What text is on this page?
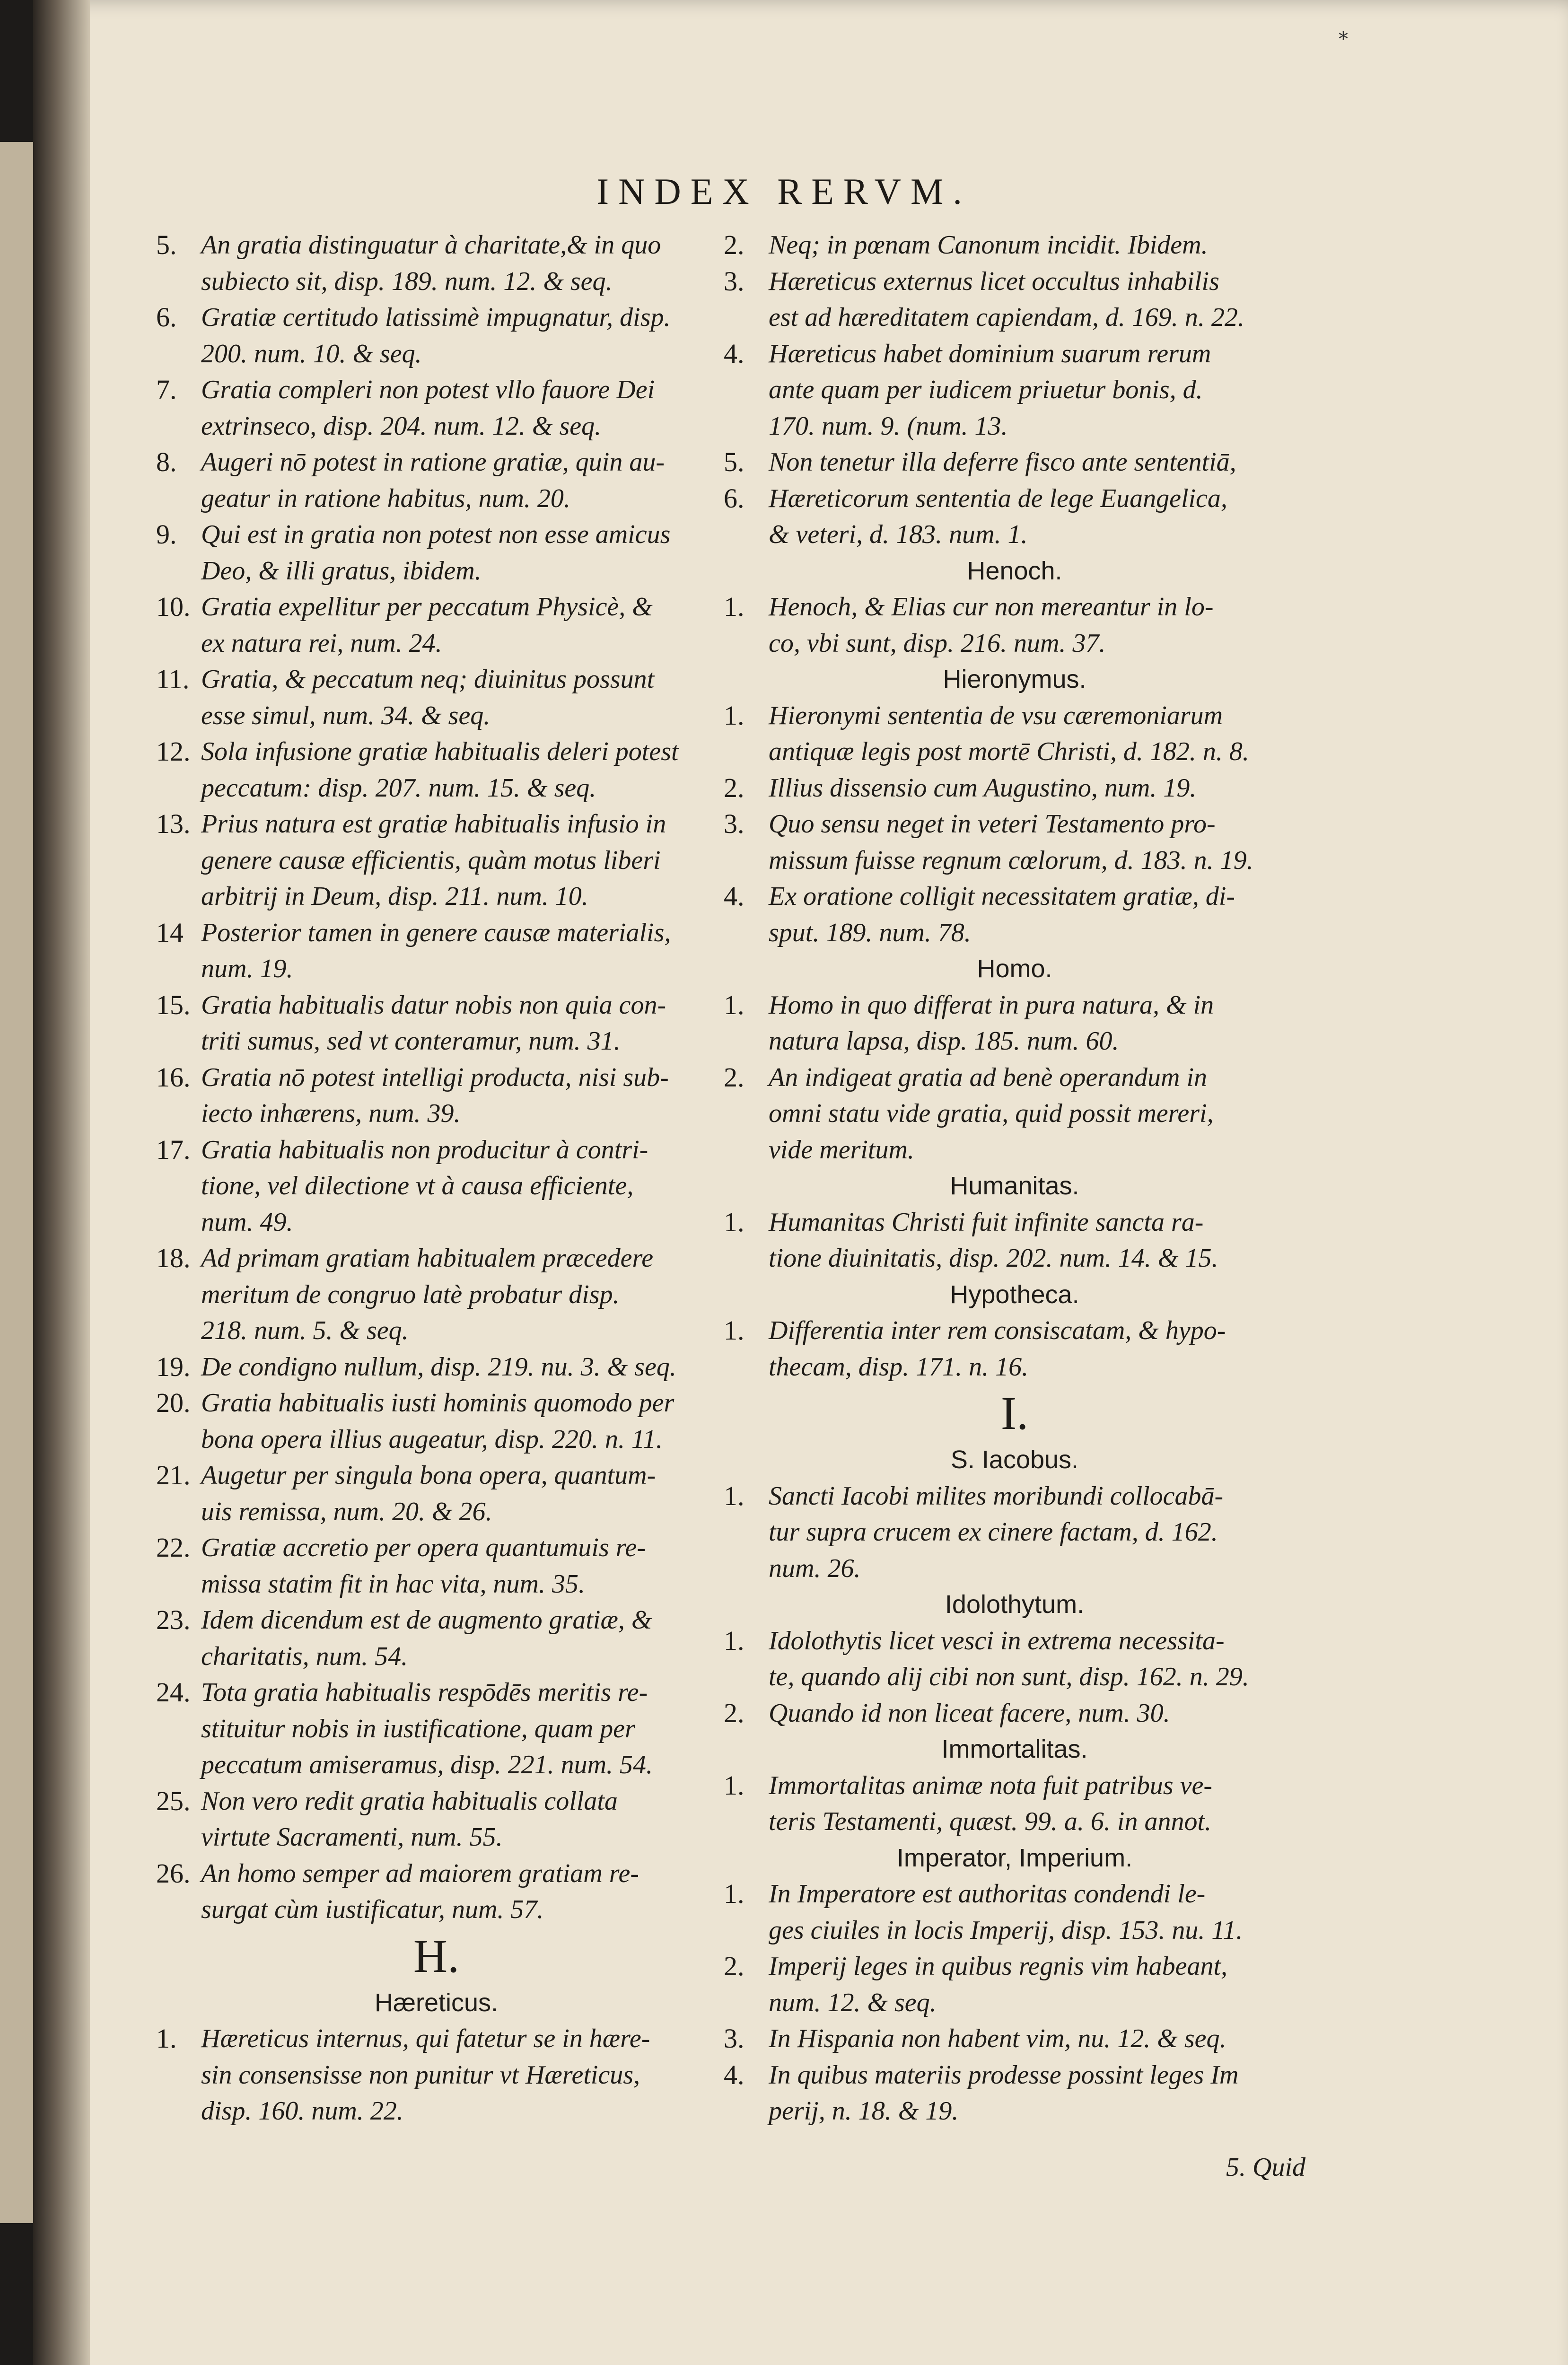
*
INDEX RERVM.
5. An gratia distinguatur à charitate,& in quo
subiecto sit, disp. 189. num. 12. & seq.
6. Gratiæ certitudo latissimè impugnatur, disp.
200. num. 10. & seq.
7. Gratia compleri non potest vllo fauore Dei
extrinseco, disp. 204. num. 12. & seq.
8. Augeri nō potest in ratione gratiæ, quin au-
geatur in ratione habitus, num. 20.
9. Qui est in gratia non potest non esse amicus
Deo, & illi gratus, ibidem.
10. Gratia expellitur per peccatum Physicè, &
ex natura rei, num. 24.
11. Gratia, & peccatum neq; diuinitus possunt
esse simul, num. 34. & seq.
12. Sola infusione gratiæ habitualis deleri potest
peccatum: disp. 207. num. 15. & seq.
13. Prius natura est gratiæ habitualis infusio in
genere causæ efficientis, quàm motus liberi
arbitrij in Deum, disp. 211. num. 10.
14 Posterior tamen in genere causæ materialis,
num. 19.
15. Gratia habitualis datur nobis non quia con-
triti sumus, sed vt conteramur, num. 31.
16. Gratia nō potest intelligi producta, nisi sub-
iecto inhærens, num. 39.
17. Gratia habitualis non producitur à contri-
tione, vel dilectione vt à causa efficiente,
num. 49.
18. Ad primam gratiam habitualem præcedere
meritum de congruo latè probatur disp.
218. num. 5. & seq.
19. De condigno nullum, disp. 219. nu. 3. & seq.
20. Gratia habitualis iusti hominis quomodo per
bona opera illius augeatur, disp. 220. n. 11.
21. Augetur per singula bona opera, quantum-
uis remissa, num. 20. & 26.
22. Gratiæ accretio per opera quantumuis re-
missa statim fit in hac vita, num. 35.
23. Idem dicendum est de augmento gratiæ, &
charitatis, num. 54.
24. Tota gratia habitualis respōdēs meritis re-
stituitur nobis in iustificatione, quam per
peccatum amiseramus, disp. 221. num. 54.
25. Non vero redit gratia habitualis collata
virtute Sacramenti, num. 55.
26. An homo semper ad maiorem gratiam re-
surgat cùm iustificatur, num. 57.
H.
Hæreticus.
1. Hæreticus internus, qui fatetur se in hære-
sin consensisse non punitur vt Hæreticus,
disp. 160. num. 22.
2. Neq; in pœnam Canonum incidit. Ibidem.
3. Hæreticus externus licet occultus inhabilis
est ad hæreditatem capiendam, d. 169. n. 22.
4. Hæreticus habet dominium suarum rerum
ante quam per iudicem priuetur bonis, d.
170. num. 9. (num. 13.
5. Non tenetur illa deferre fisco ante sententiā,
6. Hæreticorum sententia de lege Euangelica,
& veteri, d. 183. num. 1.
Henoch.
1. Henoch, & Elias cur non mereantur in lo-
co, vbi sunt, disp. 216. num. 37.
Hieronymus.
1. Hieronymi sententia de vsu cæremoniarum
antiquæ legis post mortē Christi, d. 182. n. 8.
2. Illius dissensio cum Augustino, num. 19.
3. Quo sensu neget in veteri Testamento pro-
missum fuisse regnum cœlorum, d. 183. n. 19.
4. Ex oratione colligit necessitatem gratiæ, di-
sput. 189. num. 78.
Homo.
1. Homo in quo differat in pura natura, & in
natura lapsa, disp. 185. num. 60.
2. An indigeat gratia ad benè operandum in
omni statu vide gratia, quid possit mereri,
vide meritum.
Humanitas.
1. Humanitas Christi fuit infinite sancta ra-
tione diuinitatis, disp. 202. num. 14. & 15.
Hypotheca.
1. Differentia inter rem consiscatam, & hypo-
thecam, disp. 171. n. 16.
I.
S. Iacobus.
1. Sancti Iacobi milites moribundi collocabā-
tur supra crucem ex cinere factam, d. 162.
num. 26.
Idolothytum.
1. Idolothytis licet vesci in extrema necessita-
te, quando alij cibi non sunt, disp. 162. n. 29.
2. Quando id non liceat facere, num. 30.
Immortalitas.
1. Immortalitas animæ nota fuit patribus ve-
teris Testamenti, quæst. 99. a. 6. in annot.
Imperator, Imperium.
1. In Imperatore est authoritas condendi le-
ges ciuiles in locis Imperij, disp. 153. nu. 11.
2. Imperij leges in quibus regnis vim habeant,
num. 12. & seq.
3. In Hispania non habent vim, nu. 12. & seq.
4. In quibus materiis prodesse possint leges Im
perij, n. 18. & 19.
5. Quid
